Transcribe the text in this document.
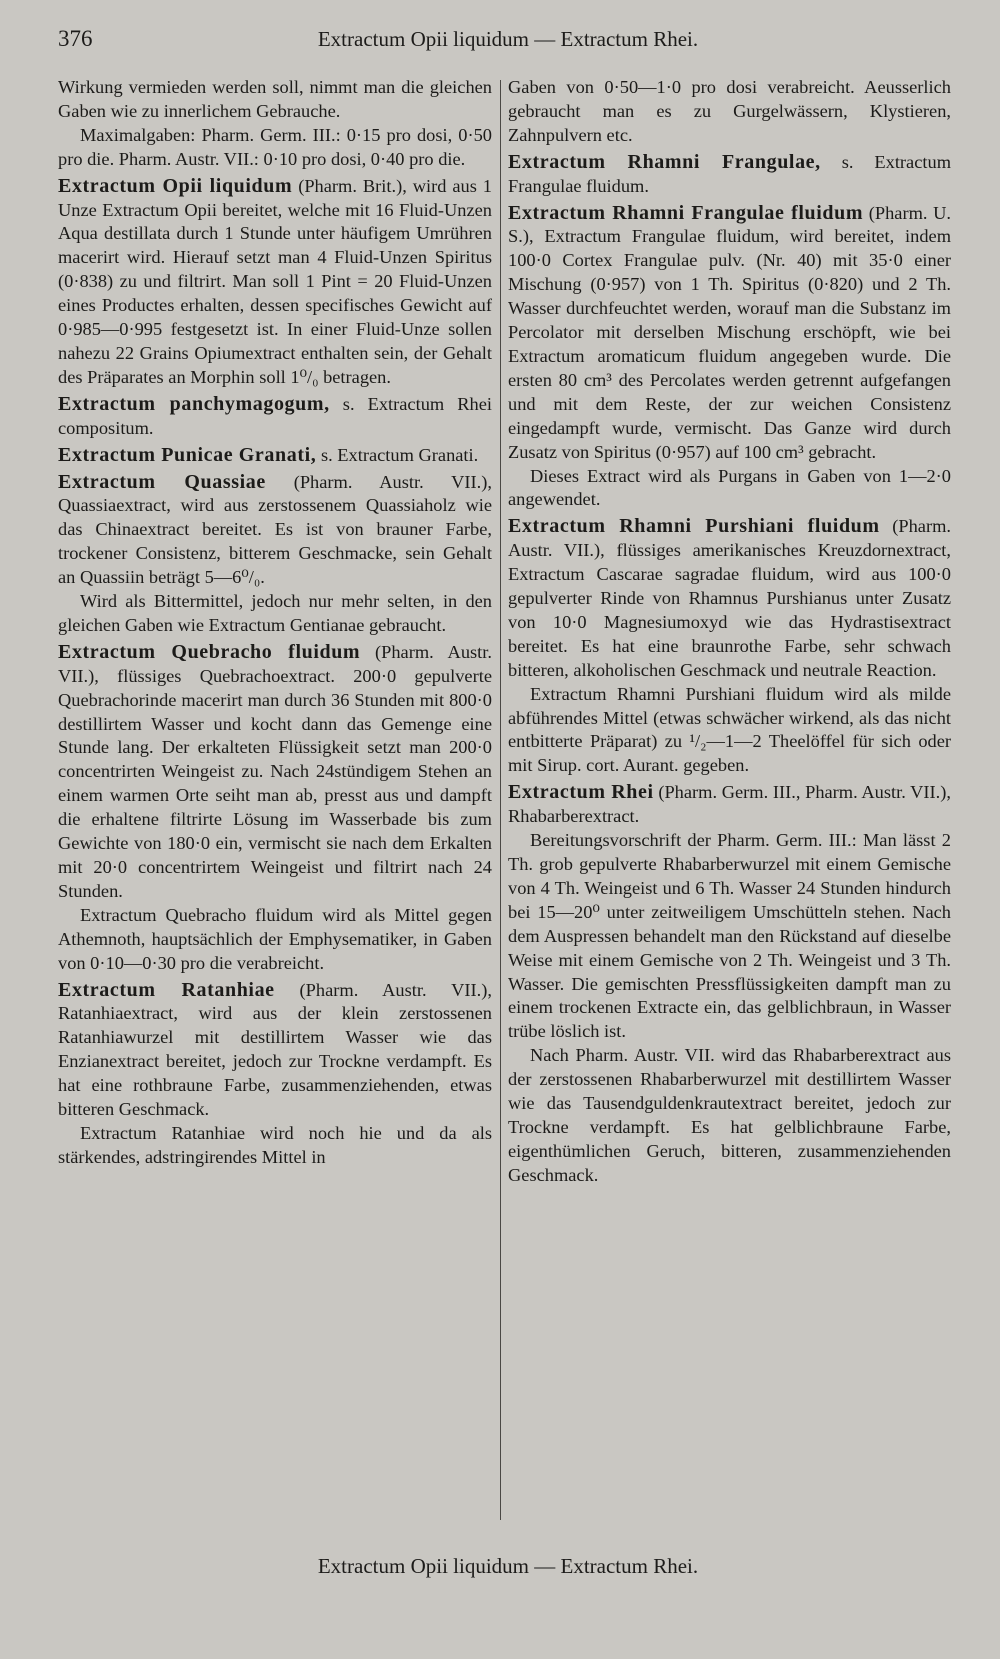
376	Extractum Opii liquidum — Extractum Rhei.

Wirkung vermieden werden soll, nimmt man die gleichen Gaben wie zu innerlichem Gebrauche.

Maximalgaben: Pharm. Germ. III.: 0·15 pro dosi, 0·50 pro die. Pharm. Austr. VII.: 0·10 pro dosi, 0·40 pro die.

Extractum Opii liquidum (Pharm. Brit.), wird aus 1 Unze Extractum Opii bereitet, welche mit 16 Fluid-Unzen Aqua destillata durch 1 Stunde unter häufigem Umrühren macerirt wird. Hierauf setzt man 4 Fluid-Unzen Spiritus (0·838) zu und filtrirt. Man soll 1 Pint = 20 Fluid-Unzen eines Productes erhalten, dessen specifisches Gewicht auf 0·985—0·995 festgesetzt ist. In einer Fluid-Unze sollen nahezu 22 Grains Opiumextract enthalten sein, der Gehalt des Präparates an Morphin soll 1⁰/₀ betragen.

Extractum panchymagogum, s. Extractum Rhei compositum.

Extractum Punicae Granati, s. Extractum Granati.

Extractum Quassiae (Pharm. Austr. VII.), Quassiaextract, wird aus zerstossenem Quassiaholz wie das Chinaextract bereitet. Es ist von brauner Farbe, trockener Consistenz, bitterem Geschmacke, sein Gehalt an Quassiin beträgt 5—6⁰/₀.

Wird als Bittermittel, jedoch nur mehr selten, in den gleichen Gaben wie Extractum Gentianae gebraucht.

Extractum Quebracho fluidum (Pharm. Austr. VII.), flüssiges Quebrachoextract. 200·0 gepulverte Quebrachorinde macerirt man durch 36 Stunden mit 800·0 destillirtem Wasser und kocht dann das Gemenge eine Stunde lang. Der erkalteten Flüssigkeit setzt man 200·0 concentrirten Weingeist zu. Nach 24stündigem Stehen an einem warmen Orte seiht man ab, presst aus und dampft die erhaltene filtrirte Lösung im Wasserbade bis zum Gewichte von 180·0 ein, vermischt sie nach dem Erkalten mit 20·0 concentrirtem Weingeist und filtrirt nach 24 Stunden.

Extractum Quebracho fluidum wird als Mittel gegen Athemnoth, hauptsächlich der Emphysematiker, in Gaben von 0·10—0·30 pro die verabreicht.

Extractum Ratanhiae (Pharm. Austr. VII.), Ratanhiaextract, wird aus der klein zerstossenen Ratanhiawurzel mit destillirtem Wasser wie das Enzianextract bereitet, jedoch zur Trockne verdampft. Es hat eine rothbraune Farbe, zusammenziehenden, etwas bitteren Geschmack.

Extractum Ratanhiae wird noch hie und da als stärkendes, adstringirendes Mittel in

Gaben von 0·50—1·0 pro dosi verabreicht. Aeusserlich gebraucht man es zu Gurgelwässern, Klystieren, Zahnpulvern etc.

Extractum Rhamni Frangulae, s. Extractum Frangulae fluidum.

Extractum Rhamni Frangulae fluidum (Pharm. U. S.), Extractum Frangulae fluidum, wird bereitet, indem 100·0 Cortex Frangulae pulv. (Nr. 40) mit 35·0 einer Mischung (0·957) von 1 Th. Spiritus (0·820) und 2 Th. Wasser durchfeuchtet werden, worauf man die Substanz im Percolator mit derselben Mischung erschöpft, wie bei Extractum aromaticum fluidum angegeben wurde. Die ersten 80 cm³ des Percolates werden getrennt aufgefangen und mit dem Reste, der zur weichen Consistenz eingedampft wurde, vermischt. Das Ganze wird durch Zusatz von Spiritus (0·957) auf 100 cm³ gebracht.

Dieses Extract wird als Purgans in Gaben von 1—2·0 angewendet.

Extractum Rhamni Purshiani fluidum (Pharm. Austr. VII.), flüssiges amerikanisches Kreuzdornextract, Extractum Cascarae sagradae fluidum, wird aus 100·0 gepulverter Rinde von Rhamnus Purshianus unter Zusatz von 10·0 Magnesiumoxyd wie das Hydrastisextract bereitet. Es hat eine braunrothe Farbe, sehr schwach bitteren, alkoholischen Geschmack und neutrale Reaction.

Extractum Rhamni Purshiani fluidum wird als milde abführendes Mittel (etwas schwächer wirkend, als das nicht entbitterte Präparat) zu ¹/₂—1—2 Theelöffel für sich oder mit Sirup. cort. Aurant. gegeben.

Extractum Rhei (Pharm. Germ. III., Pharm. Austr. VII.), Rhabarberextract.

Bereitungsvorschrift der Pharm. Germ. III.: Man lässt 2 Th. grob gepulverte Rhabarberwurzel mit einem Gemische von 4 Th. Weingeist und 6 Th. Wasser 24 Stunden hindurch bei 15—20⁰ unter zeitweiligem Umschütteln stehen. Nach dem Auspressen behandelt man den Rückstand auf dieselbe Weise mit einem Gemische von 2 Th. Weingeist und 3 Th. Wasser. Die gemischten Pressflüssigkeiten dampft man zu einem trockenen Extracte ein, das gelblichbraun, in Wasser trübe löslich ist.

Nach Pharm. Austr. VII. wird das Rhabarberextract aus der zerstossenen Rhabarberwurzel mit destillirtem Wasser wie das Tausendguldenkrautextract bereitet, jedoch zur Trockne verdampft. Es hat gelblichbraune Farbe, eigenthümlichen Geruch, bitteren, zusammenziehenden Geschmack.

Extractum Opii liquidum — Extractum Rhei.
